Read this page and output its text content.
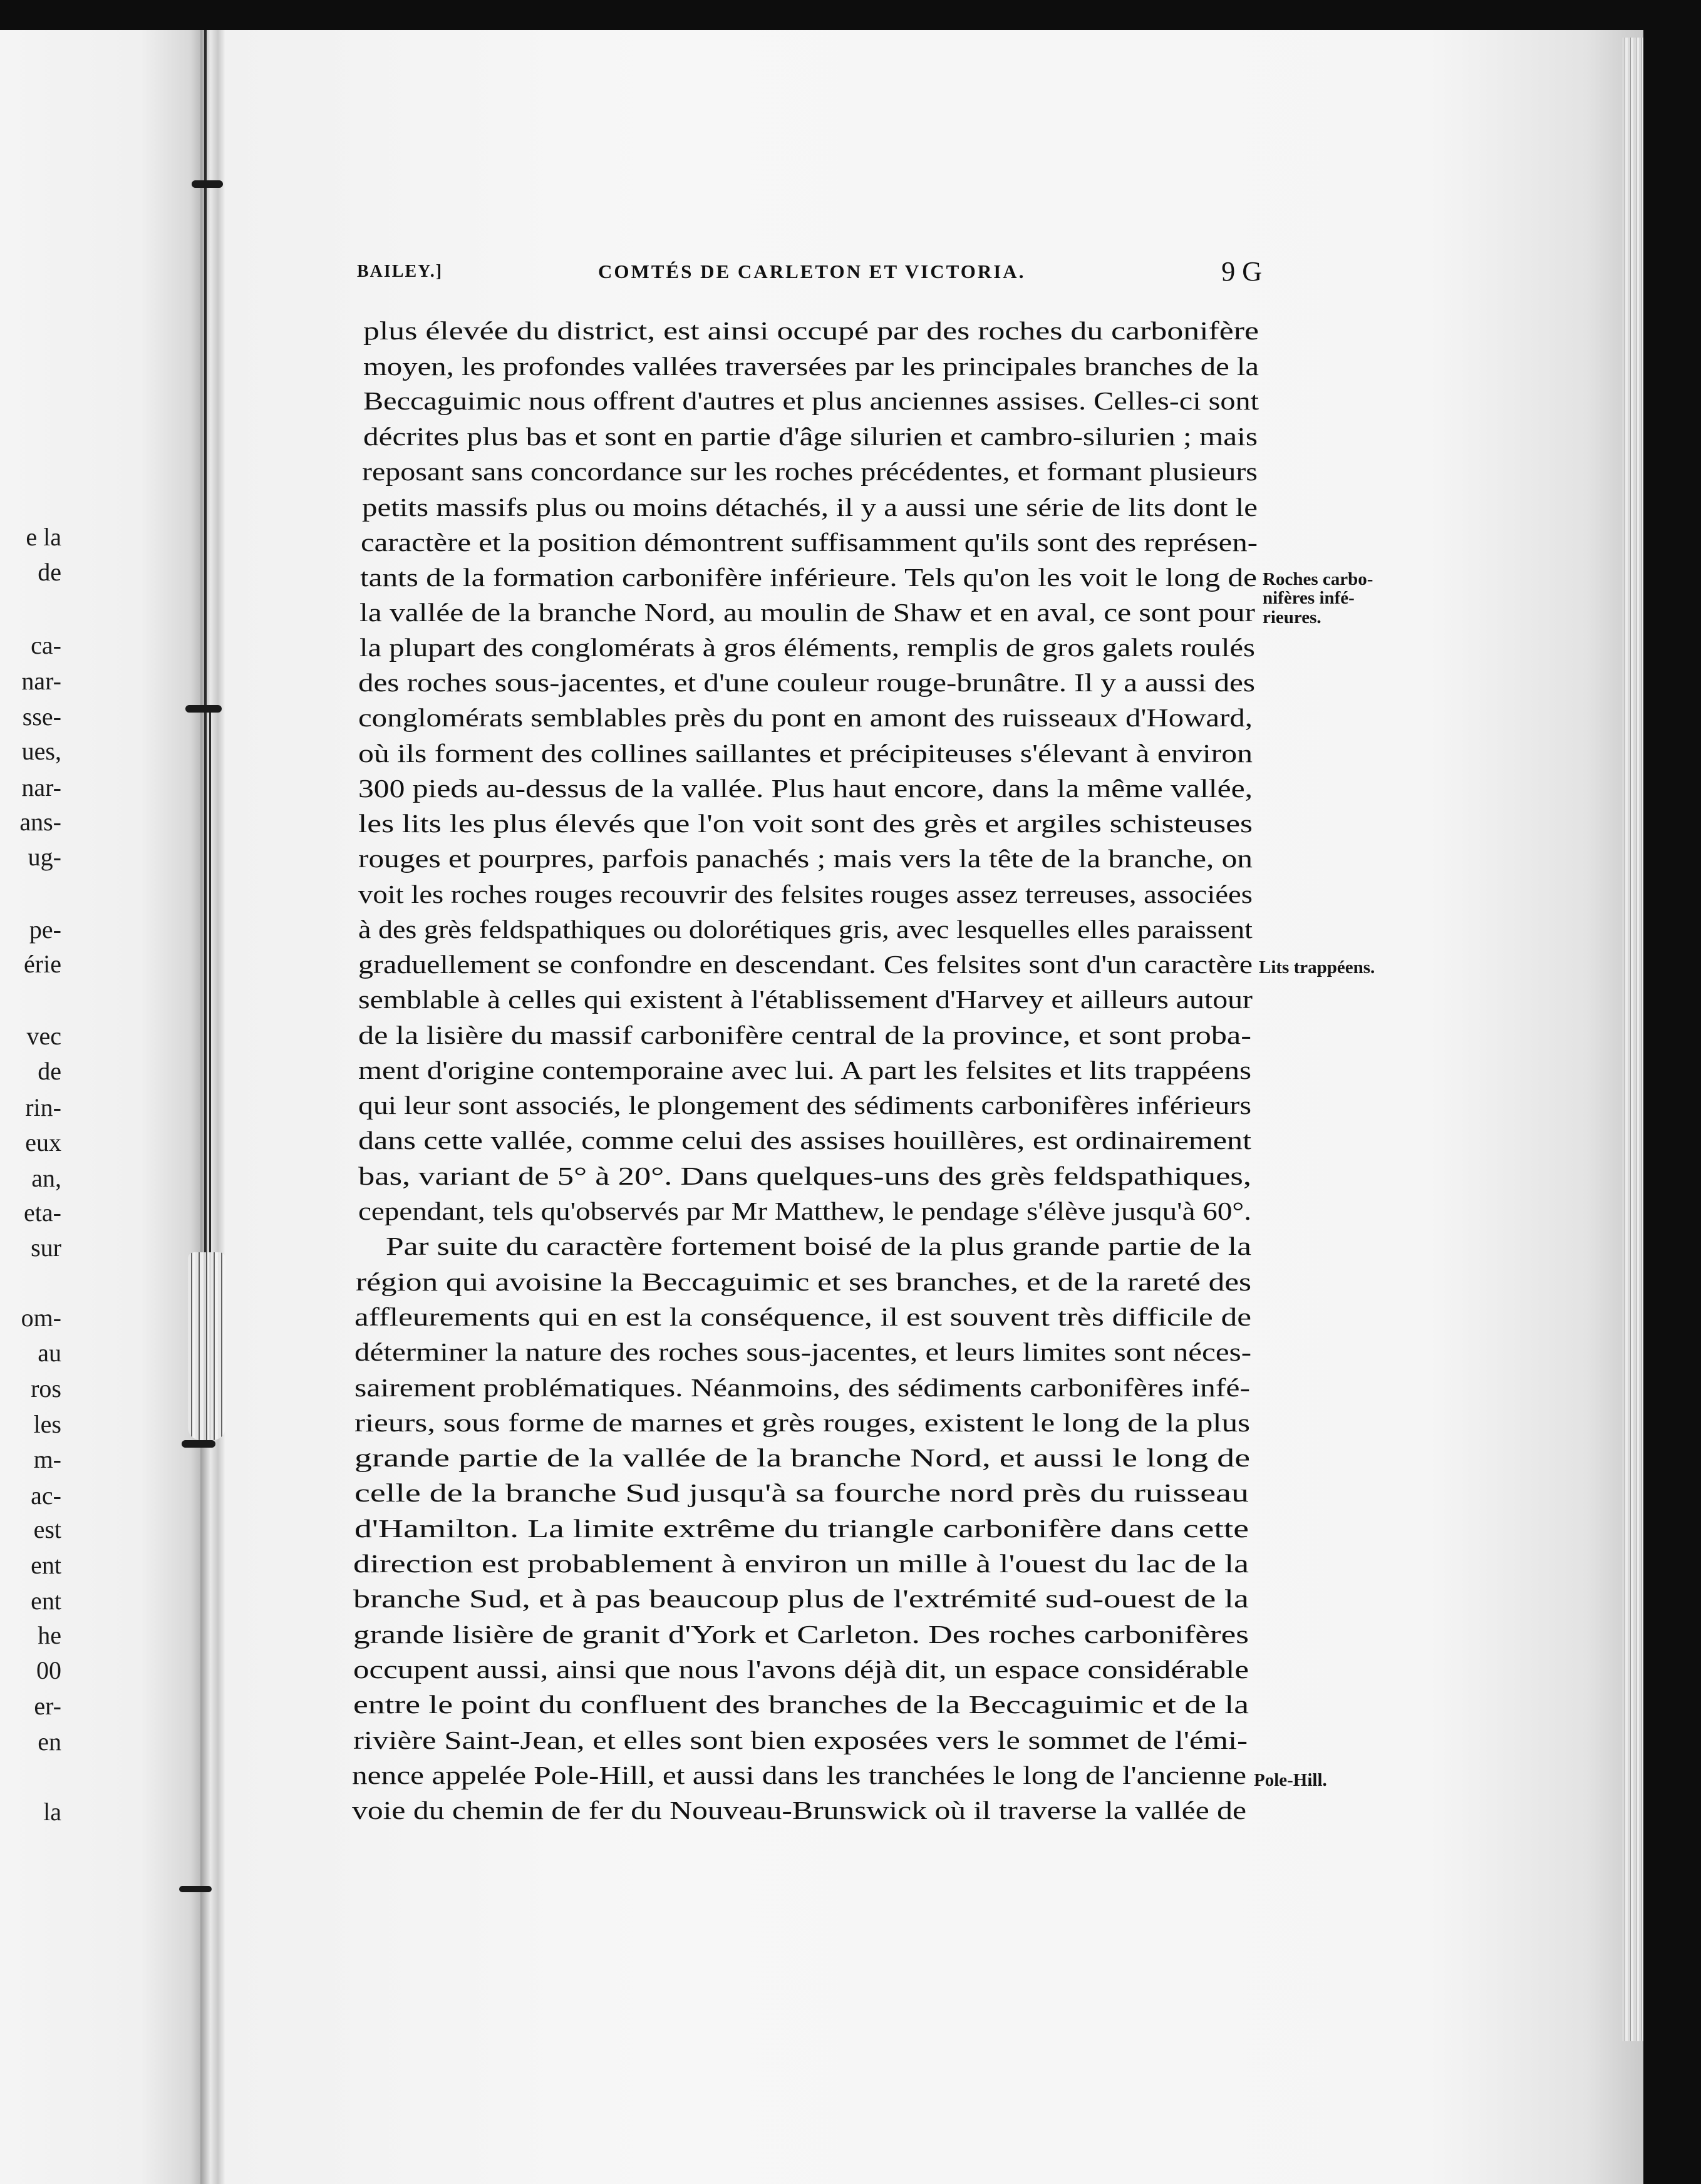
e la
de
ca-
nar-
sse-
ues,
nar-
ans-
ug-
pe-
érie
vec
de
rin-
eux
an,
eta-
sur
om-
au
ros
les
m-
ac-
est
ent
ent
he
00
er-
en
la
BAILEY.]	COMTÉS DE CARLETON ET VICTORIA.	9 G
plus élevée du district, est ainsi occupé par des roches du carbonifère
moyen, les profondes vallées traversées par les principales branches de la
Beccaguimic nous offrent d'autres et plus anciennes assises. Celles-ci sont
décrites plus bas et sont en partie d'âge silurien et cambro-silurien ; mais
reposant sans concordance sur les roches précédentes, et formant plusieurs
petits massifs plus ou moins détachés, il y a aussi une série de lits dont le
caractère et la position démontrent suffisamment qu'ils sont des représen-
tants de la formation carbonifère inférieure. Tels qu'on les voit le long de
la vallée de la branche Nord, au moulin de Shaw et en aval, ce sont pour
la plupart des conglomérats à gros éléments, remplis de gros galets roulés
des roches sous-jacentes, et d'une couleur rouge-brunâtre. Il y a aussi des
conglomérats semblables près du pont en amont des ruisseaux d'Howard,
où ils forment des collines saillantes et précipiteuses s'élevant à environ
300 pieds au-dessus de la vallée. Plus haut encore, dans la même vallée,
les lits les plus élevés que l'on voit sont des grès et argiles schisteuses
rouges et pourpres, parfois panachés ; mais vers la tête de la branche, on
voit les roches rouges recouvrir des felsites rouges assez terreuses, associées
à des grès feldspathiques ou dolorétiques gris, avec lesquelles elles paraissent
graduellement se confondre en descendant. Ces felsites sont d'un caractère
semblable à celles qui existent à l'établissement d'Harvey et ailleurs autour
de la lisière du massif carbonifère central de la province, et sont proba-
ment d'origine contemporaine avec lui. A part les felsites et lits trappéens
qui leur sont associés, le plongement des sédiments carbonifères inférieurs
dans cette vallée, comme celui des assises houillères, est ordinairement
bas, variant de 5° à 20°. Dans quelques-uns des grès feldspathiques,
cependant, tels qu'observés par Mr Matthew, le pendage s'élève jusqu'à 60°.
Par suite du caractère fortement boisé de la plus grande partie de la
région qui avoisine la Beccaguimic et ses branches, et de la rareté des
affleurements qui en est la conséquence, il est souvent très difficile de
déterminer la nature des roches sous-jacentes, et leurs limites sont néces-
sairement problématiques. Néanmoins, des sédiments carbonifères infé-
rieurs, sous forme de marnes et grès rouges, existent le long de la plus
grande partie de la vallée de la branche Nord, et aussi le long de
celle de la branche Sud jusqu'à sa fourche nord près du ruisseau
d'Hamilton. La limite extrême du triangle carbonifère dans cette
direction est probablement à environ un mille à l'ouest du lac de la
branche Sud, et à pas beaucoup plus de l'extrémité sud-ouest de la
grande lisière de granit d'York et Carleton. Des roches carbonifères
occupent aussi, ainsi que nous l'avons déjà dit, un espace considérable
entre le point du confluent des branches de la Beccaguimic et de la
rivière Saint-Jean, et elles sont bien exposées vers le sommet de l'émi-
nence appelée Pole-Hill, et aussi dans les tranchées le long de l'ancienne
voie du chemin de fer du Nouveau-Brunswick où il traverse la vallée de
Roches carbo-
nifères infé-
rieures.
Lits trappéens.
Pole-Hill.
